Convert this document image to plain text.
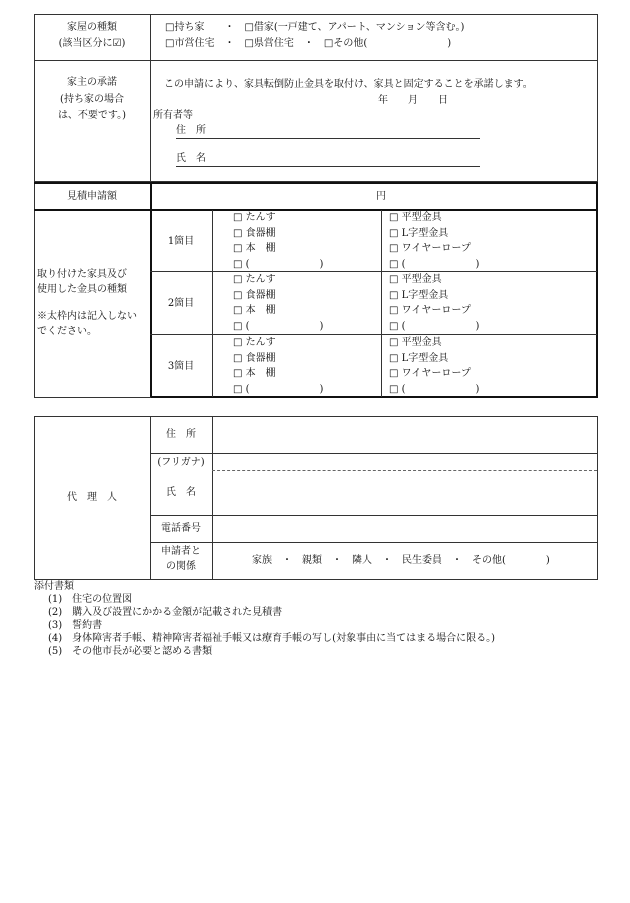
家屋の種類
(該当区分に☑)
□持ち家　　・　□借家(一戸建て、アパート、マンション等含む。)
□市営住宅　・　□県営住宅　・　□その他(　　　　　　　　)
家主の承諾
(持ち家の場合
は、不要です。)
この申請により、家具転倒防止金具を取付け、家具と固定することを承諾します。
年　　月　　日
所有者等
住　所
氏　名
見積申請額	円
取り付けた家具及び
使用した金具の種類
※太枠内は記入しない
でください。
1箇目
□ たんす
□ 食器棚
□ 本　棚
□ (　　　　　　　)
□ 平型金具
□ L字型金具
□ ワイヤーロープ
□ (　　　　　　　)
2箇目
□ たんす
□ 食器棚
□ 本　棚
□ (　　　　　　　)
□ 平型金具
□ L字型金具
□ ワイヤーロープ
□ (　　　　　　　)
3箇目
□ たんす
□ 食器棚
□ 本　棚
□ (　　　　　　　)
□ 平型金具
□ L字型金具
□ ワイヤーロープ
□ (　　　　　　　)
代　理　人
住　所
(フリガナ)
氏　名
電話番号
申請者と
の関係
家族　・　親類　・　隣人　・　民生委員　・　その他(　　　　)
添付書類
(1)　住宅の位置図
(2)　購入及び設置にかかる金額が記載された見積書
(3)　誓約書
(4)　身体障害者手帳、精神障害者福祉手帳又は療育手帳の写し(対象事由に当てはまる場合に限る。)
(5)　その他市長が必要と認める書類
